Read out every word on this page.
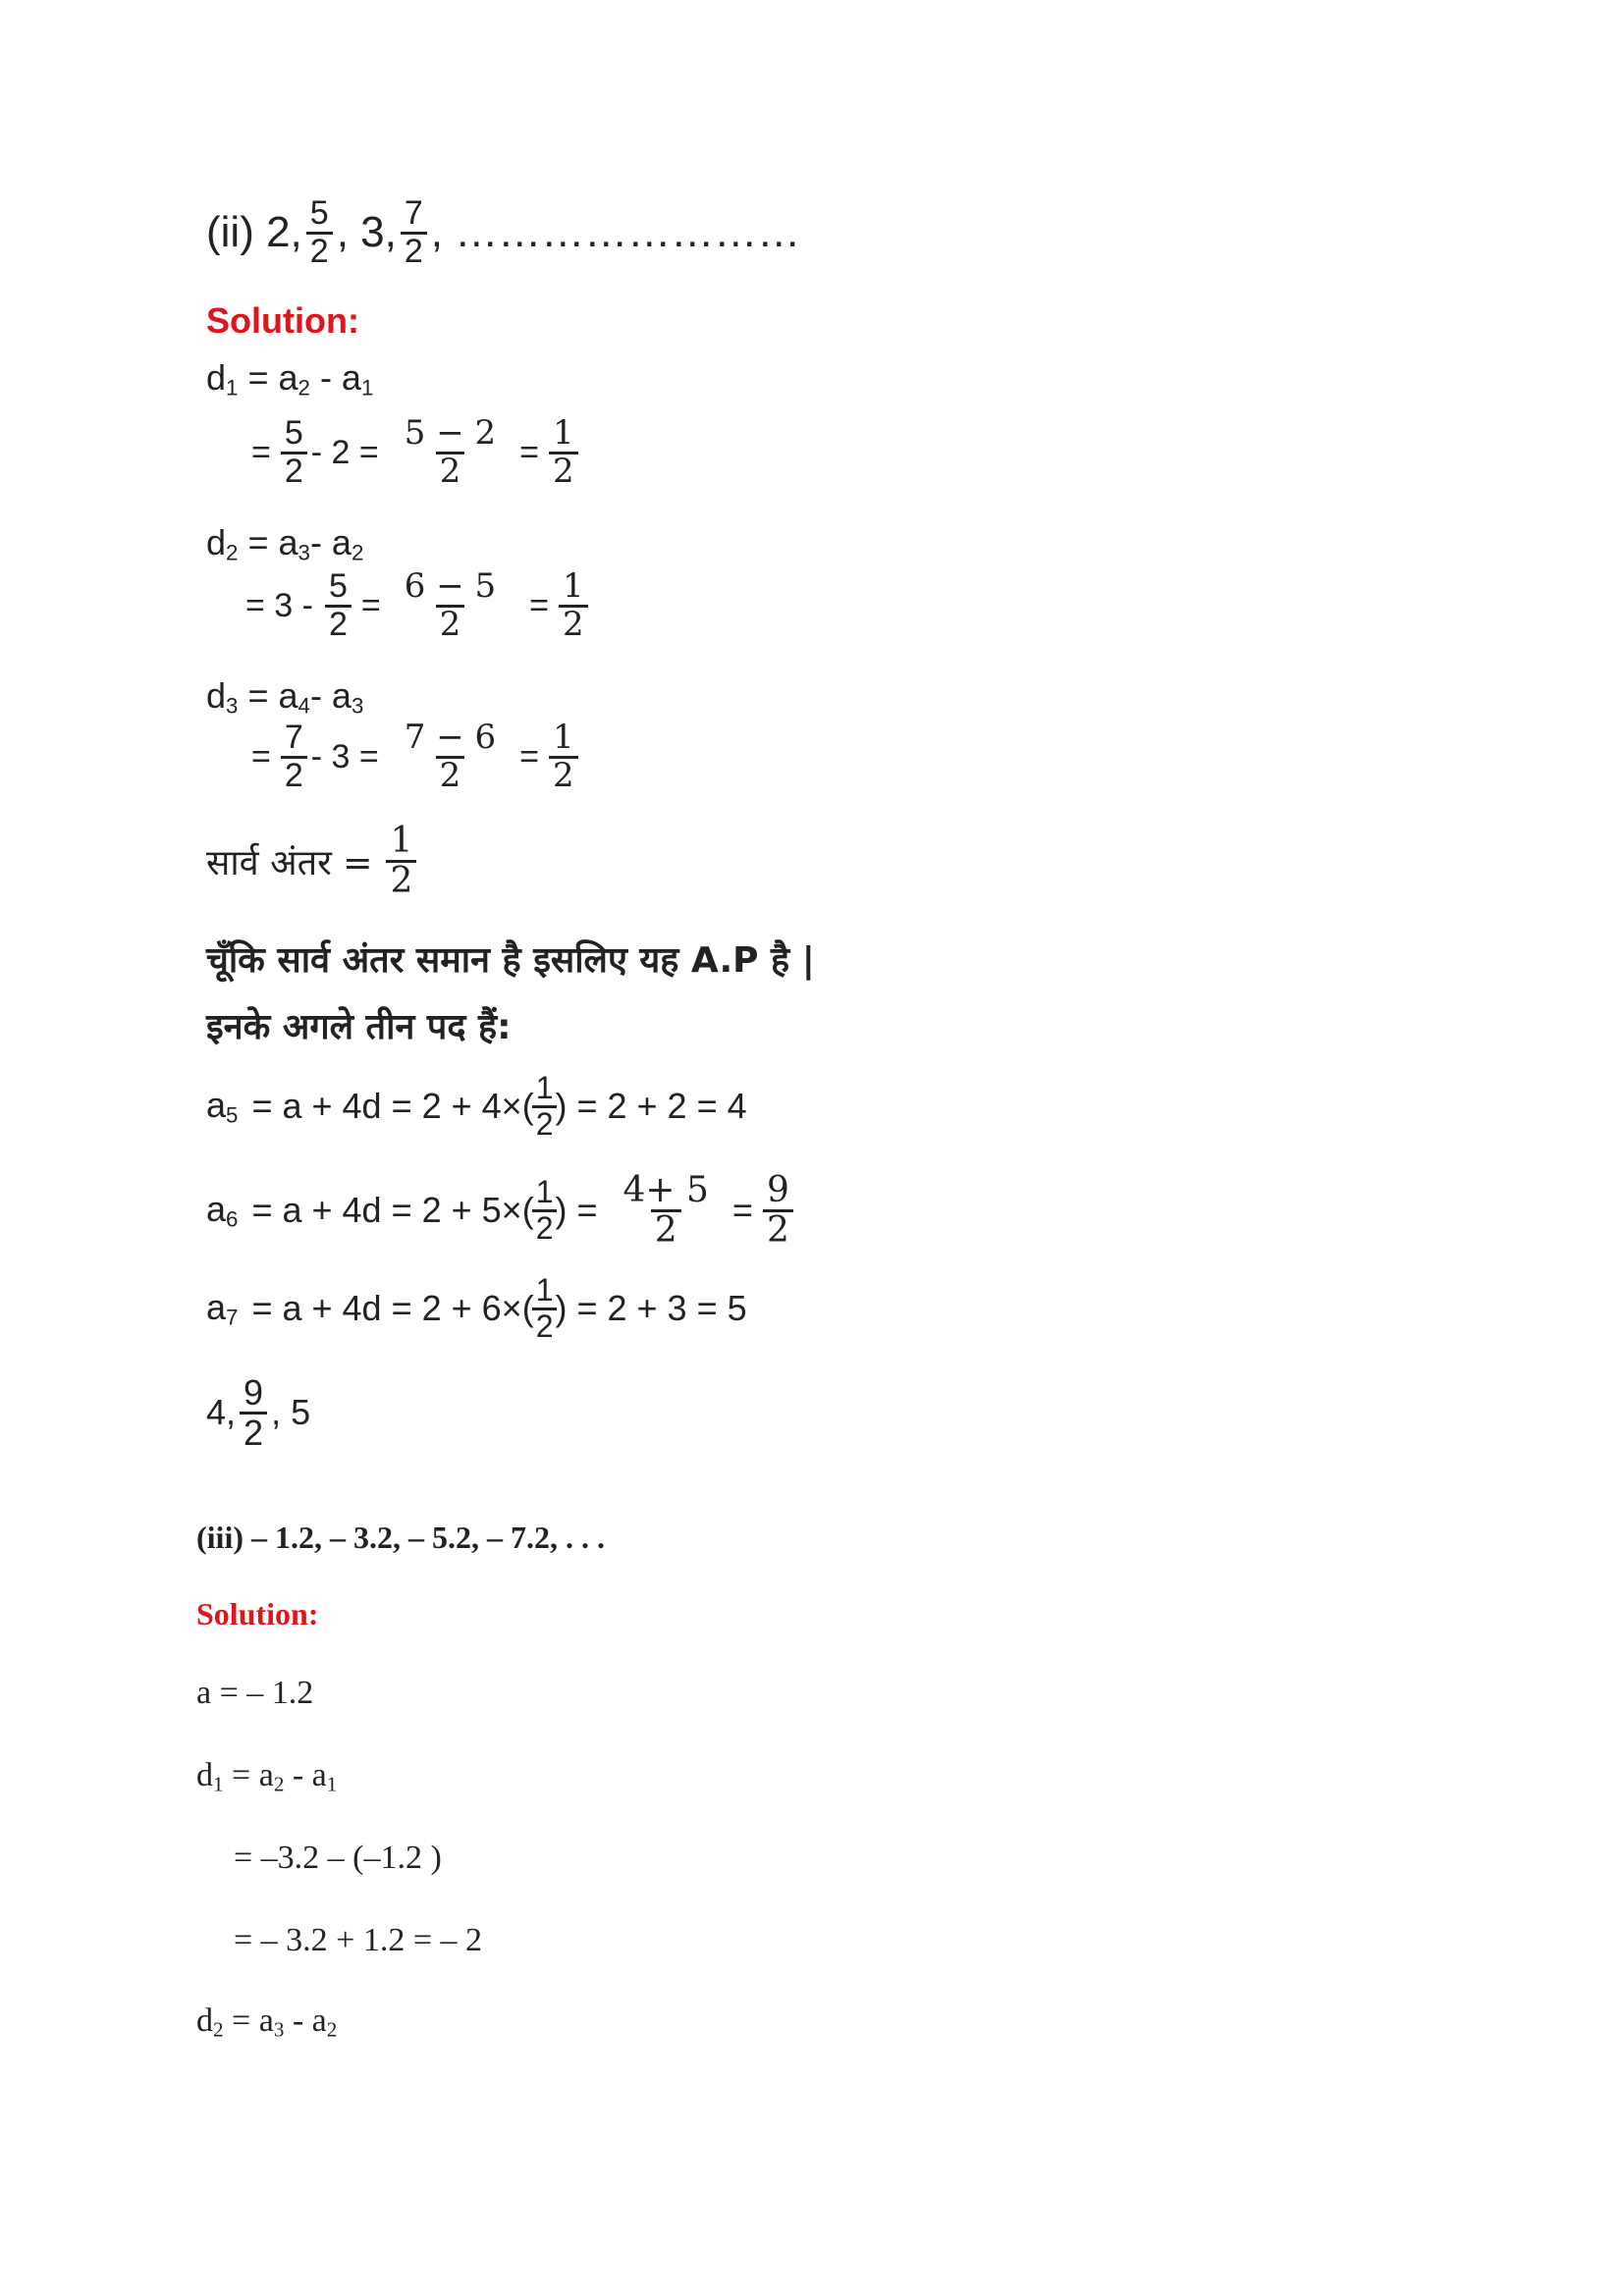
(ii) 2, $\frac{5}{2}$ , 3, $\frac{7}{2}$ , ……………………
Solution:
$d_1 = a_2 - a_1$
= $\frac{5}{2} - 2 = \frac{5 - 2}{2} = \frac{1}{2}$
$d_2 = a_3-$ $a_2$
= $3 - \frac{5}{2} = \frac{6 - 5}{2} = \frac{1}{2}$
$d_3 = a_4-$ $a_3$
= $\frac{7}{2} - 3 = \frac{7 - 6}{2} = \frac{1}{2}$
सार्व अंतर = $\frac{1}{2}$
चूँकि सार्व अंतर समान है इसलिए यह A.P है |
इनके अगले तीन पद हैं:
$a_5 = a + 4d = 2 + 4\times$(
$\frac{1}{2}$
) = 2 + 2 = 4
$a_6 = a + 4d = 2 + 5\times$(
$\frac{1}{2}$
) = $\frac{4+ 5}{2} = \frac{9}{2}$
$a_7 = a + 4d = 2 + 6\times$(
$\frac{1}{2}$
) = 2 + 3 = 5
4, $\frac{9}{2}$ , 5
(iii) – 1.2, – 3.2, – 5.2, – 7.2, . . .
Solution:
a = – 1.2
$d_1 = a_2 - a_1$
= –3.2 – (–1.2 )
= – 3.2 + 1.2 = – 2
$d_2 = a_3 - a_2$
